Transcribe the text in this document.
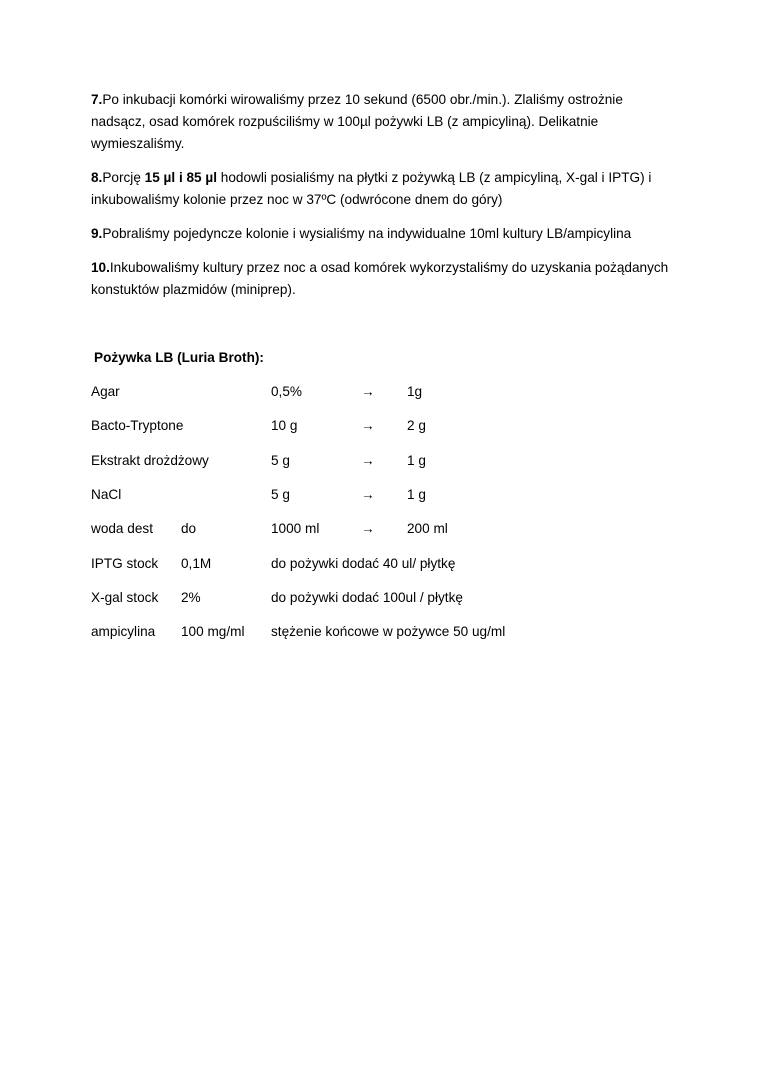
7.Po inkubacji komórki wirowaliśmy przez 10 sekund (6500 obr./min.). Zlaliśmy ostrożnie nadsącz, osad komórek rozpuściliśmy w 100µl pożywki LB (z ampicyliną). Delikatnie wymieszaliśmy.

8.Porcję 15 µl i 85 µl hodowli posialiśmy na płytki z pożywką LB (z ampicyliną, X-gal i IPTG) i inkubowaliśmy kolonie przez noc w 37ºC (odwrócone dnem do góry)

9.Pobraliśmy pojedyncze kolonie i wysialiśmy na indywidualne 10ml kultury LB/ampicylina

10.Inkubowaliśmy kultury przez noc a osad komórek wykorzystaliśmy do uzyskania pożądanych konstuktów plazmidów (miniprep).

Pożywka LB (Luria Broth):
Agar	0,5%	→ 1g
Bacto-Tryptone	10 g	→ 2 g
Ekstrakt drożdżowy	5 g	→ 1 g
NaCl	5 g	→ 1 g
woda dest do	1000 ml	→ 200 ml
IPTG stock 0,1M	do pożywki dodać 40 ul/ płytkę
X-gal stock 2%	do pożywki dodać 100ul / płytkę
ampicylina 100 mg/ml stężenie końcowe w pożywce 50 ug/ml
